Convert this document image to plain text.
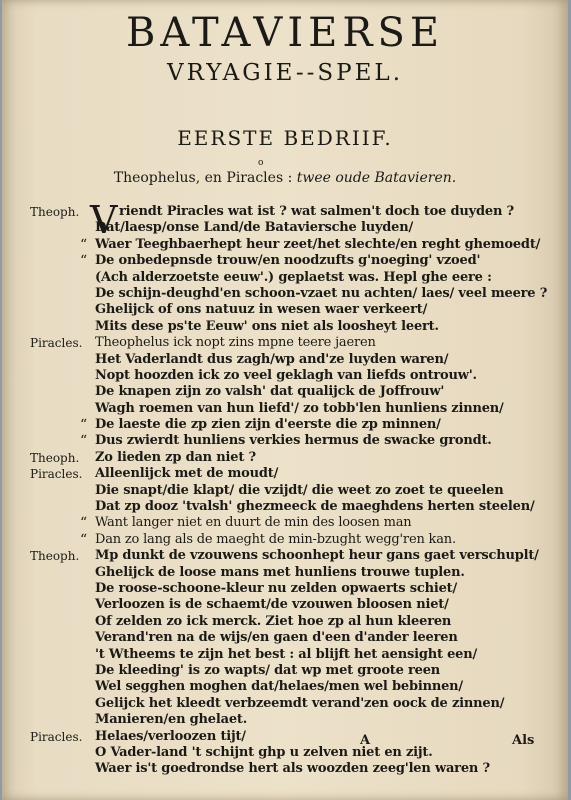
BATAVIERSE
VRYAGIE--SPEL.
EERSTE BEDRIIF.
o
Theophelus, en Piracles : twee oude Batavieren.
V
Theoph.	riendt Piracles wat ist ? wat salmen't doch toe duyden ?
Dat/laesp/onse Land/de Bataviersche luyden/
“ Waer Teeghbaerhept heur zeet/het slechte/en reght ghemoedt/
“ De onbedepnsde trouw/en noodzufts g'noeging' vzoed'
(Ach alderzoetste eeuw'.) geplaetst was. Hepl ghe eere :
De schijn-deughd'en schoon-vzaet nu achten/ laes/ veel meere ?
Ghelijck of ons natuuz in wesen waer verkeert/
Mits dese ps'te Eeuw' ons niet als loosheyt leert.
Piracles. Theophelus ick nopt zins mpne teere jaeren
Het Vaderlandt dus zagh/wp and'ze luyden waren/
Nopt hoozden ick zo veel geklagh van liefds ontrouw'.
De knapen zijn zo valsh' dat qualijck de Joffrouw'
Wagh roemen van hun liefd'/ zo tobb'len hunliens zinnen/
“ De laeste die zp zien zijn d'eerste die zp minnen/
“ Dus zwierdt hunliens verkies hermus de swacke grondt.
Theoph. Zo lieden zp dan niet ?
Piracles. Alleenlijck met de moudt/
Die snapt/die klapt/ die vzijdt/ die weet zo zoet te queelen
Dat zp dooz 'tvalsh' ghezmeeck de maeghdens herten steelen/
“ Want langer niet en duurt de min des loosen man
“ Dan zo lang als de maeght de min-bzught wegg'ren kan.
Theoph. Mp dunkt de vzouwens schoonhept heur gans gaet verschuplt/
Ghelijck de loose mans met hunliens trouwe tuplen.
De roose-schoone-kleur nu zelden opwaerts schiet/
Verloozen is de schaemt/de vzouwen bloosen niet/
Of zelden zo ick merck. Ziet hoe zp al hun kleeren
Verand'ren na de wijs/en gaen d'een d'ander leeren
't Wtheems te zijn het best : al blijft het aensight een/
De kleeding' is zo wapts/ dat wp met groote reen
Wel segghen moghen dat/helaes/men wel bebinnen/
Gelijck het kleedt verbzeemdt verand'zen oock de zinnen/
Manieren/en ghelaet.
Piracles. Helaes/verloozen tijt/
O Vader-land 't schijnt ghp u zelven niet en zijt.
Waer is't goedrondse hert als woozden zeeg'len waren ?
A	Als
